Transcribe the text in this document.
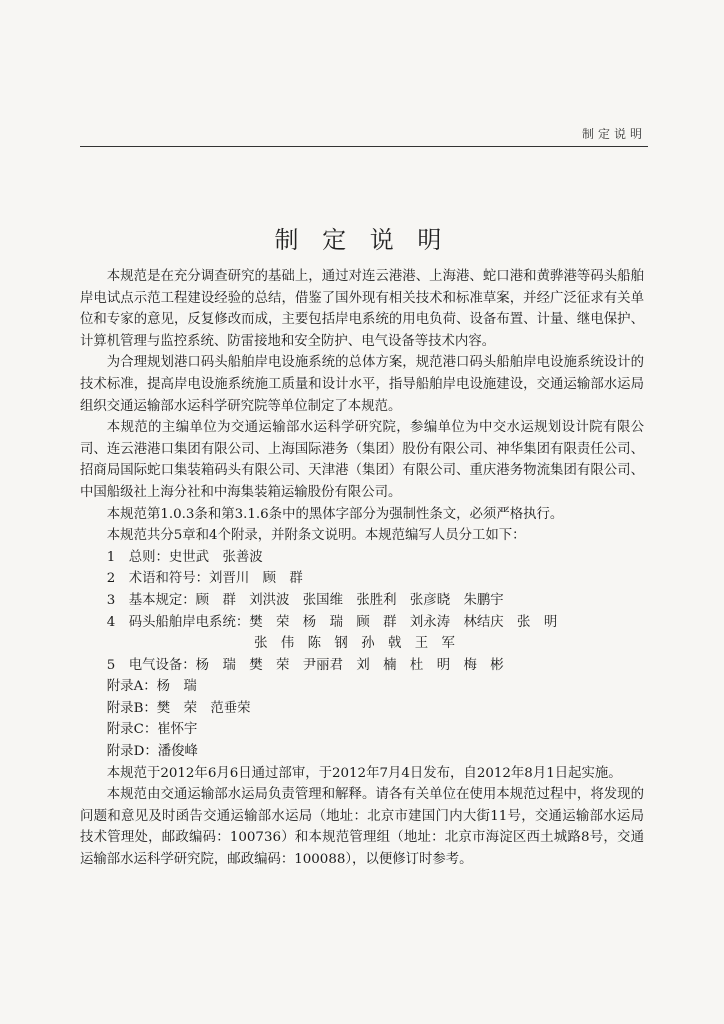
制定说明
制 定 说 明

本规范是在充分调查研究的基础上，通过对连云港港、上海港、蛇口港和黄骅港等码头船舶岸电试点示范工程建设经验的总结，借鉴了国外现有相关技术和标准草案，并经广泛征求有关单位和专家的意见，反复修改而成，主要包括岸电系统的用电负荷、设备布置、计量、继电保护、计算机管理与监控系统、防雷接地和安全防护、电气设备等技术内容。

为合理规划港口码头船舶岸电设施系统的总体方案，规范港口码头船舶岸电设施系统设计的技术标准，提高岸电设施系统施工质量和设计水平，指导船舶岸电设施建设，交通运输部水运局组织交通运输部水运科学研究院等单位制定了本规范。

本规范的主编单位为交通运输部水运科学研究院，参编单位为中交水运规划设计院有限公司、连云港港口集团有限公司、上海国际港务（集团）股份有限公司、神华集团有限责任公司、招商局国际蛇口集装箱码头有限公司、天津港（集团）有限公司、重庆港务物流集团有限公司、中国船级社上海分社和中海集装箱运输股份有限公司。

本规范第1.0.3条和第3.1.6条中的黑体字部分为强制性条文，必须严格执行。

本规范共分5章和4个附录，并附条文说明。本规范编写人员分工如下：

1　总则：史世武　张善波

2　术语和符号：刘晋川　顾　群

3　基本规定：顾　群　刘洪波　张国维　张胜利　张彦晓　朱鹏宇

4　码头船舶岸电系统：樊　荣　杨　瑞　顾　群　刘永涛　林结庆　张　明

　　　　　　　　　　　张　伟　陈　钢　孙　戟　王　军

5　电气设备：杨　瑞　樊　荣　尹丽君　刘　楠　杜　明　梅　彬

附录A：杨　瑞

附录B：樊　荣　范垂荣

附录C：崔怀宇

附录D：潘俊峰

本规范于2012年6月6日通过部审，于2012年7月4日发布，自2012年8月1日起实施。

本规范由交通运输部水运局负责管理和解释。请各有关单位在使用本规范过程中，将发现的问题和意见及时函告交通运输部水运局（地址：北京市建国门内大街11号，交通运输部水运局技术管理处，邮政编码：100736）和本规范管理组（地址：北京市海淀区西土城路8号，交通运输部水运科学研究院，邮政编码：100088），以便修订时参考。
